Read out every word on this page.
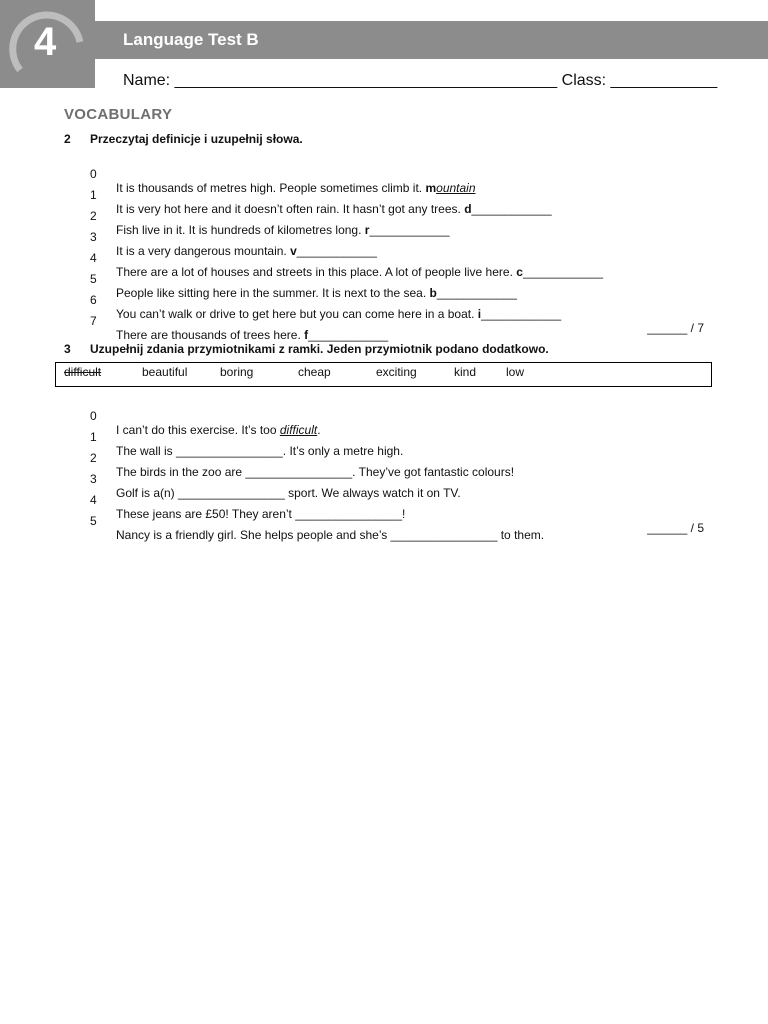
4	Language Test B
Name: ___________________________________________ Class: ____________
VOCABULARY
2 Przeczytaj definicje i uzupełnij słowa.

0

It is thousands of metres high. People sometimes climb it. mountain

1

It is very hot here and it doesn’t often rain. It hasn’t got any trees. d____________

2

Fish live in it. It is hundreds of kilometres long. r____________

3

It is a very dangerous mountain. v____________

4

There are a lot of houses and streets in this place. A lot of people live here. c____________

5

People like sitting here in the summer. It is next to the sea. b____________

6

You can’t walk or drive to get here but you can come here in a boat. i____________

7

There are thousands of trees here. f____________	______ / 7
3 Uzupełnij zdania przymiotnikami z ramki. Jeden przymiotnik podano dodatkowo.
difficult	beautiful	boring	cheap	exciting	kind low

0

I can’t do this exercise. It’s too difficult.

1

The wall is ________________. It’s only a metre high.

2

The birds in the zoo are ________________. They’ve got fantastic colours!

3

Golf is a(n) ________________ sport. We always watch it on TV.

4

These jeans are £50! They aren’t ________________!

5

Nancy is a friendly girl. She helps people and she’s ________________ to them.	______ / 5
